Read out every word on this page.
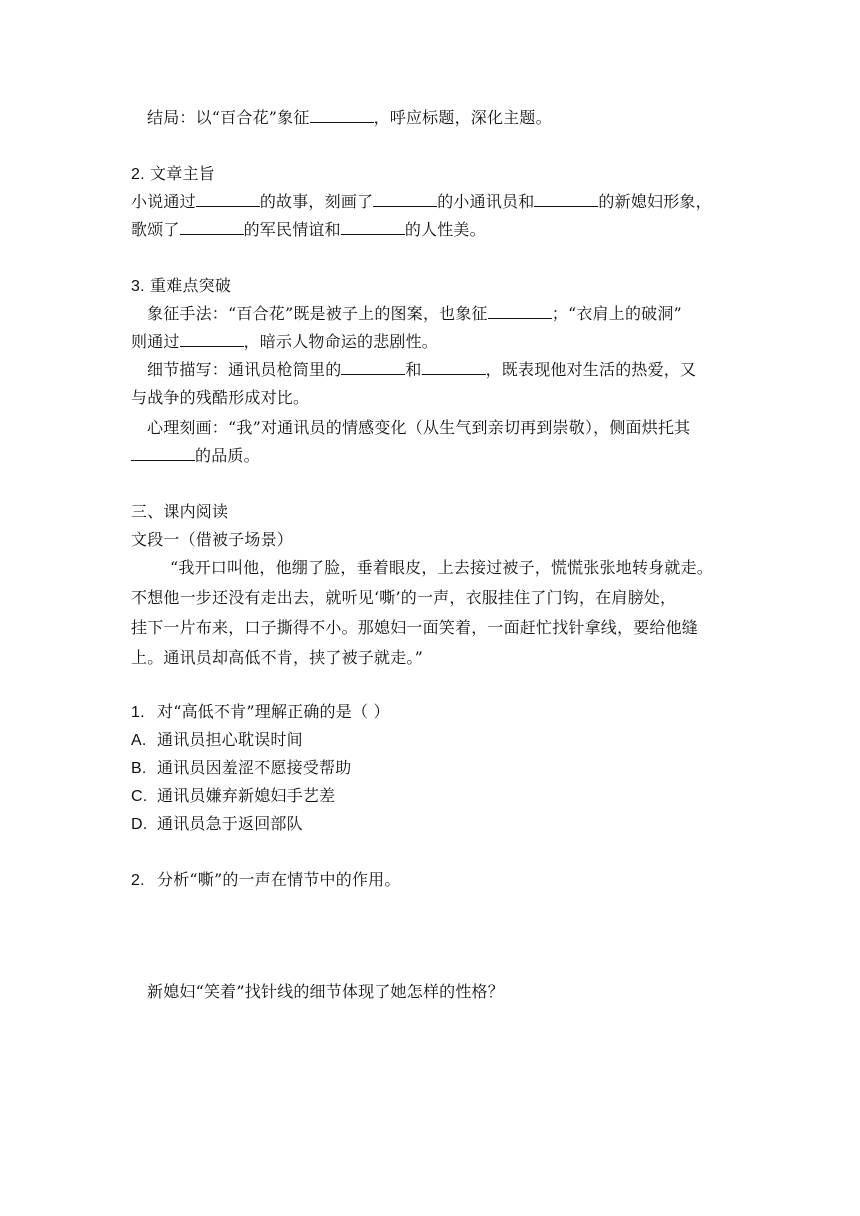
结局：以“百合花”象征	，呼应标题，深化主题。
2. 文章主旨
小说通过	的故事，刻画了	的小通讯员和	的新媳妇形象，
歌颂了	的军民情谊和	的人性美。
3. 重难点突破
象征手法：“百合花”既是被子上的图案，也象征	；“衣肩上的破洞”
则通过	，暗示人物命运的悲剧性。
细节描写：通讯员枪筒里的	和	，既表现他对生活的热爱，又
与战争的残酷形成对比。
心理刻画：“我”对通讯员的情感变化（从生气到亲切再到崇敬），侧面烘托其
的品质。
三、课内阅读
文段一（借被子场景）
“我开口叫他，他绷了脸，垂着眼皮，上去接过被子，慌慌张张地转身就走。
不想他一步还没有走出去，就听见‘嘶’的一声，衣服挂住了门钩，在肩膀处，
挂下一片布来，口子撕得不小。那媳妇一面笑着，一面赶忙找针拿线，要给他缝
上。通讯员却高低不肯，挟了被子就走。”
1. 对“高低不肯”理解正确的是（ ）
A. 通讯员担心耽误时间
B. 通讯员因羞涩不愿接受帮助
C. 通讯员嫌弃新媳妇手艺差
D. 通讯员急于返回部队
2. 分析“嘶”的一声在情节中的作用。
新媳妇“笑着”找针线的细节体现了她怎样的性格？
